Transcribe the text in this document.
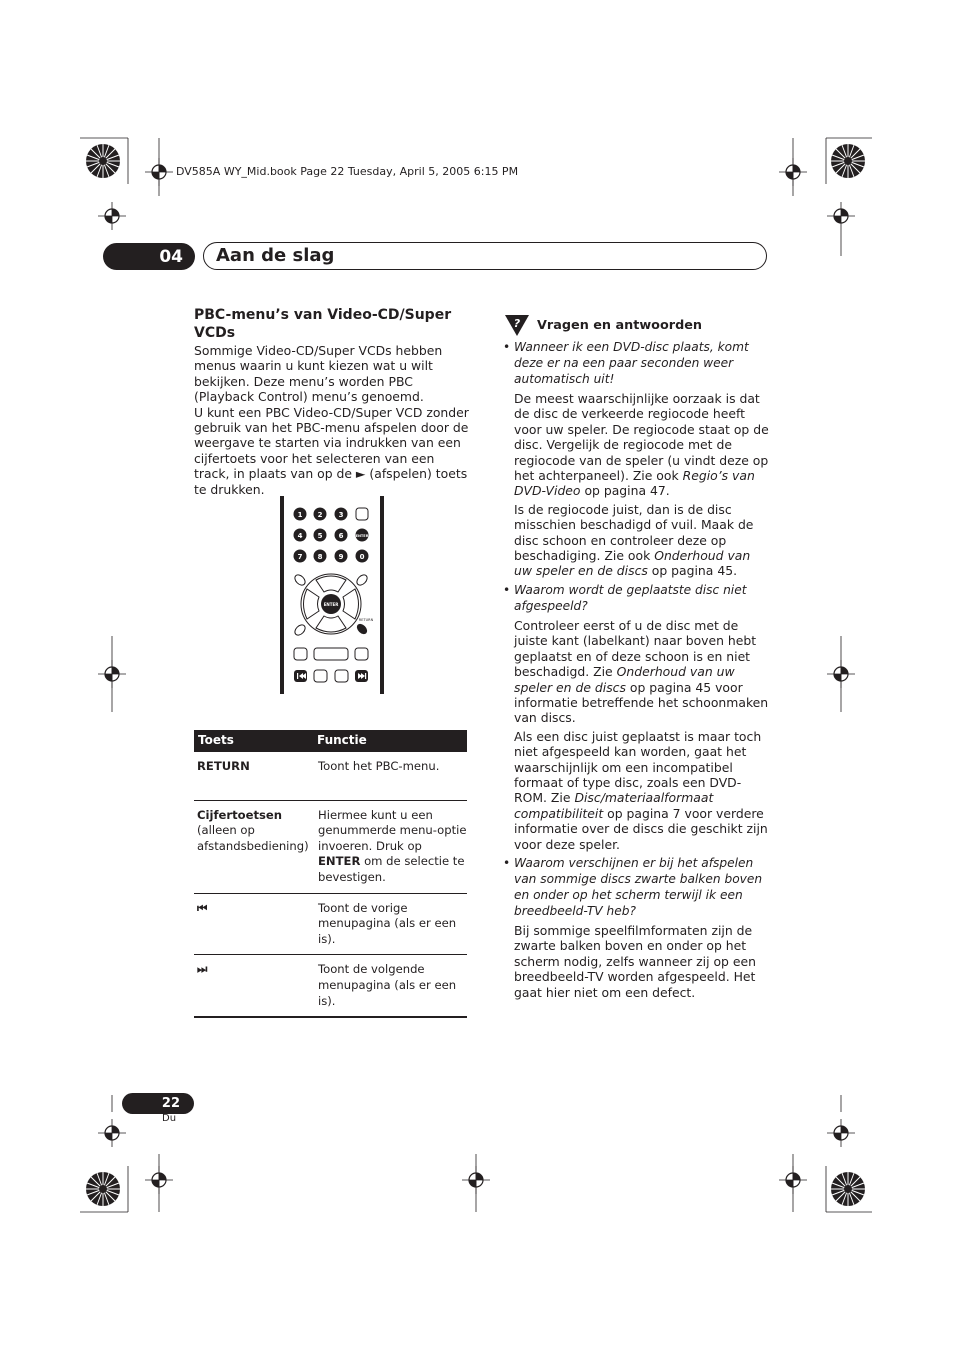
DV585A WY_Mid.book Page 22 Tuesday, April 5, 2005 6:15 PM
04	Aan de slag
PBC-menu’s van Video-CD/Super VCDs

Sommige Video-CD/Super VCDs hebben menus waarin u kunt kiezen wat u wilt bekijken. Deze menu’s worden PBC (Playback Control) menu’s genoemd.

U kunt een PBC Video-CD/Super VCD zonder gebruik van het PBC-menu afspelen door de weergave te starten via indrukken van een cijfertoets voor het selecteren van een track, in plaats van op de ► (afspelen) toets te drukken.

1 2 3
4 5 6
7 8 9 0
ENTER
ENTER
RETURN
Toets	Functie
RETURN	Toont het PBC-menu.
Cijfertoetsen
(alleen op afstandsbediening)	Hiermee kunt u een genummerde menu-optie invoeren. Druk op ENTER om de selectie te bevestigen.
⏮	Toont de vorige menupagina (als er een is).
⏭	Toont de volgende menupagina (als er een is).
? Vragen en antwoorden
• Wanneer ik een DVD-disc plaats, komt deze er na een paar seconden weer automatisch uit!

De meest waarschijnlijke oorzaak is dat de disc de verkeerde regiocode heeft voor uw speler. De regiocode staat op de disc. Vergelijk de regiocode met de regiocode van de speler (u vindt deze op het achterpaneel). Zie ook Regio’s van DVD-Video op pagina 47.

Is de regiocode juist, dan is de disc misschien beschadigd of vuil. Maak de disc schoon en controleer deze op beschadiging. Zie ook Onderhoud van uw speler en de discs op pagina 45.

• Waarom wordt de geplaatste disc niet afgespeeld?

Controleer eerst of u de disc met de juiste kant (labelkant) naar boven hebt geplaatst en of deze schoon is en niet beschadigd. Zie Onderhoud van uw speler en de discs op pagina 45 voor informatie betreffende het schoonmaken van discs.

Als een disc juist geplaatst is maar toch niet afgespeeld kan worden, gaat het waarschijnlijk om een incompatibel formaat of type disc, zoals een DVD-ROM. Zie Disc/materiaalformaat compatibiliteit op pagina 7 voor verdere informatie over de discs die geschikt zijn voor deze speler.

• Waarom verschijnen er bij het afspelen van sommige discs zwarte balken boven en onder op het scherm terwijl ik een breedbeeld-TV heb?

Bij sommige speelfilmformaten zijn de zwarte balken boven en onder op het scherm nodig, zelfs wanneer zij op een breedbeeld-TV worden afgespeeld. Het gaat hier niet om een defect.

22
Du
